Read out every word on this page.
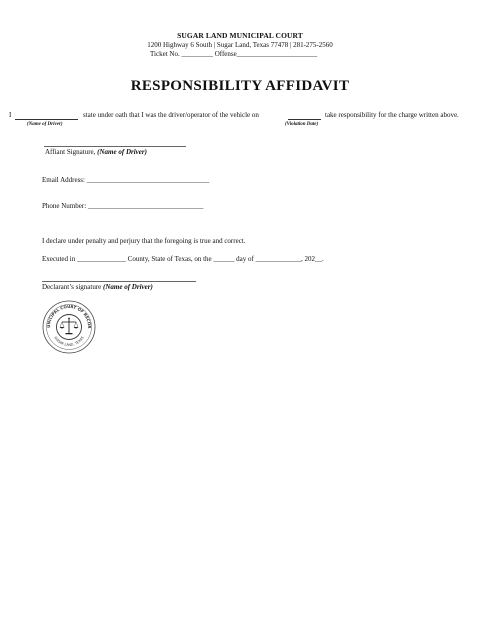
SUGAR LAND MUNICIPAL COURT
1200 Highway 6 South | Sugar Land, Texas 77478 | 281-275-2560
Ticket No. _________ Offense_______________________
RESPONSIBILITY AFFIDAVIT
I	state under oath that I was the driver/operator of the vehicle on	take responsibility for the charge written above.
(Name of Driver)	(Violation Date)
Affiant Signature, (Name of Driver)
Email Address: ___________________________________
Phone Number: _________________________________
I declare under penalty and perjury that the foregoing is true and correct.
Executed in ______________ County, State of Texas, on the ______ day of _____________, 202__.
Declarant’s signature (Name of Driver)
UNICIPAL COURT OF RECOR
SUGAR LAND, TEXAS
